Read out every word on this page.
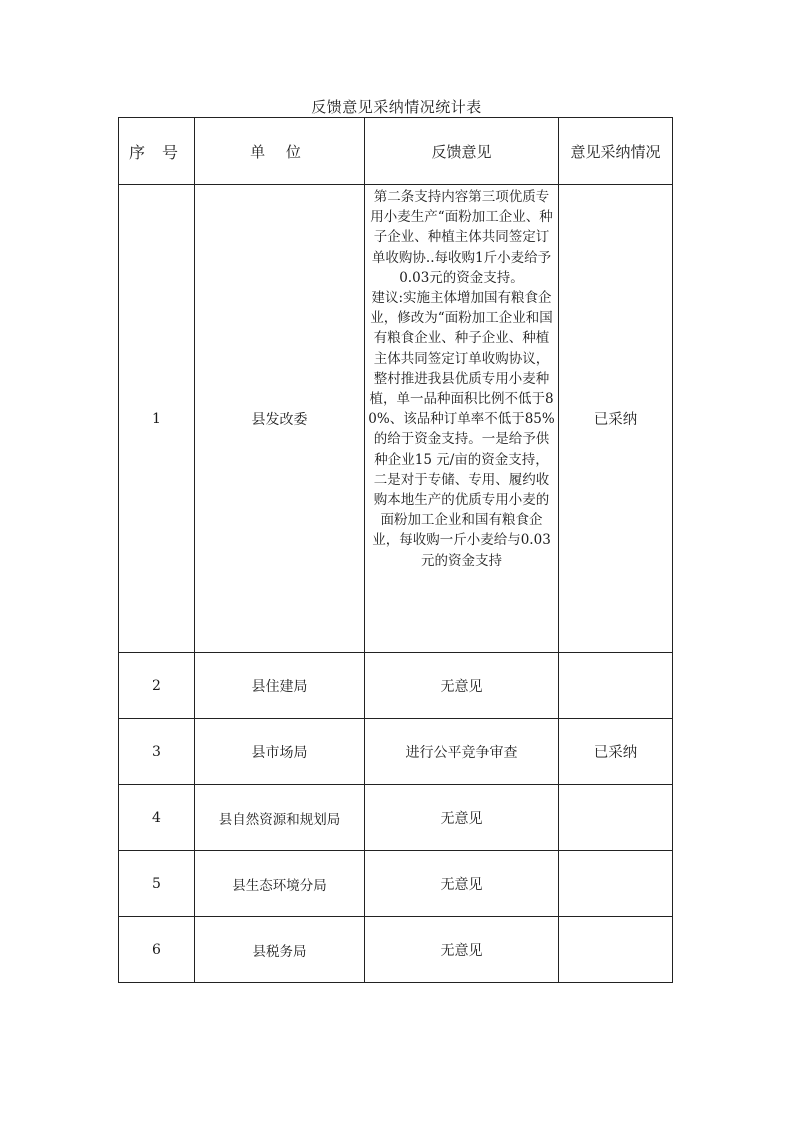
反馈意见采纳情况统计表
序 号	单 位	反馈意见	意见采纳情况
1	县发改委	第二条支持内容第三项优质专用小麦生产“面粉加工企业、种子企业、种植主体共同签定订单收购协..每收购1斤小麦给予0.03元的资金支持。

建议:实施主体增加国有粮食企业，修改为“面粉加工企业和国有粮食企业、种子企业、种植主体共同签定订单收购协议，整村推进我县优质专用小麦种植，单一品种面积比例不低于80%、该品种订单率不低于85%的给于资金支持。一是给予供种企业15 元/亩的资金支持，二是对于专储、专用、履约收购本地生产的优质专用小麦的面粉加工企业和国有粮食企业，每收购一斤小麦给与0.03元的资金支持	已采纳
2	县住建局	无意见	
3	县市场局	进行公平竞争审查	已采纳
4	县自然资源和规划局	无意见	
5	县生态环境分局	无意见	
6	县税务局	无意见	
